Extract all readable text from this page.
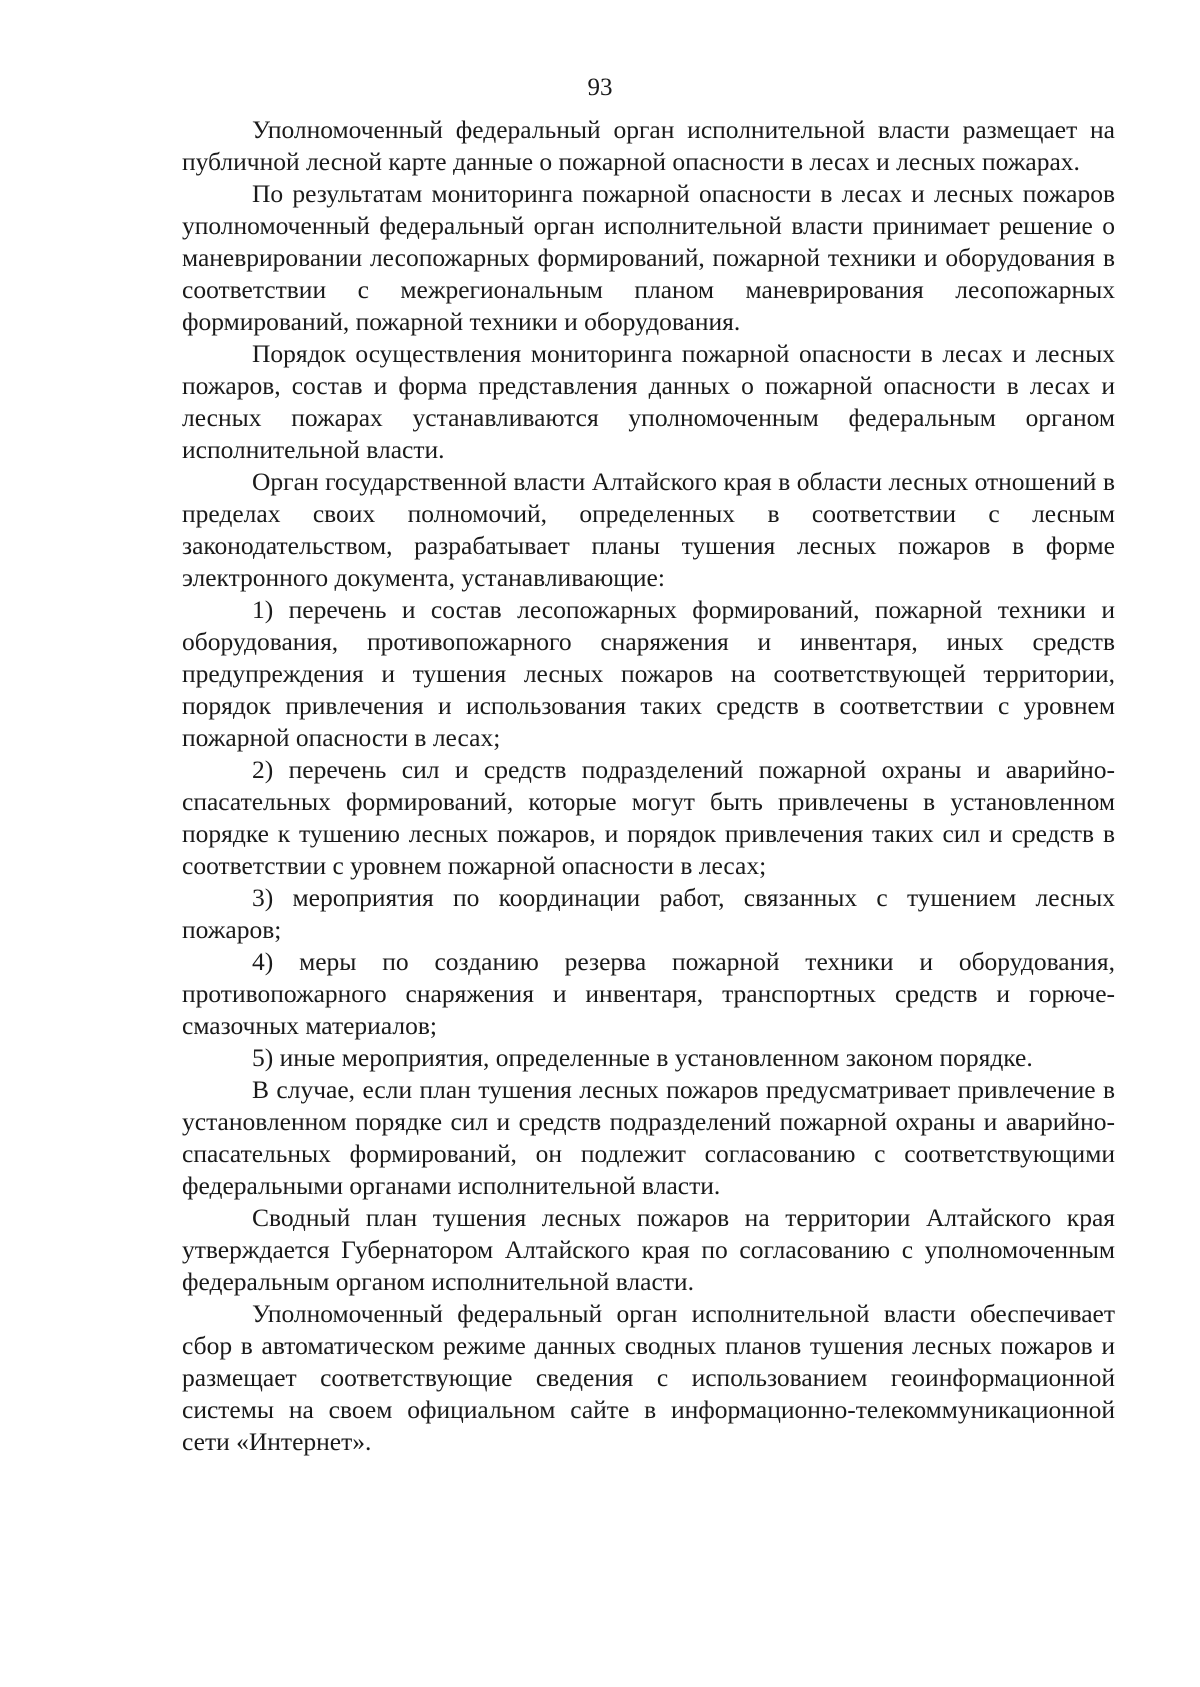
93

Уполномоченный федеральный орган исполнительной власти размещает на публичной лесной карте данные о пожарной опасности в лесах и лесных пожарах.

По результатам мониторинга пожарной опасности в лесах и лесных пожаров уполномоченный федеральный орган исполнительной власти принимает решение о маневрировании лесопожарных формирований, пожарной техники и оборудования в соответствии с межрегиональным планом маневрирования лесопожарных формирований, пожарной техники и оборудования.

Порядок осуществления мониторинга пожарной опасности в лесах и лесных пожаров, состав и форма представления данных о пожарной опасности в лесах и лесных пожарах устанавливаются уполномоченным федеральным органом исполнительной власти.

Орган государственной власти Алтайского края в области лесных отношений в пределах своих полномочий, определенных в соответствии с лесным законодательством, разрабатывает планы тушения лесных пожаров в форме электронного документа, устанавливающие:

1) перечень и состав лесопожарных формирований, пожарной техники и оборудования, противопожарного снаряжения и инвентаря, иных средств предупреждения и тушения лесных пожаров на соответствующей территории, порядок привлечения и использования таких средств в соответствии с уровнем пожарной опасности в лесах;

2) перечень сил и средств подразделений пожарной охраны и аварийно-спасательных формирований, которые могут быть привлечены в установленном порядке к тушению лесных пожаров, и порядок привлечения таких сил и средств в соответствии с уровнем пожарной опасности в лесах;

3) мероприятия по координации работ, связанных с тушением лесных пожаров;

4) меры по созданию резерва пожарной техники и оборудования, противопожарного снаряжения и инвентаря, транспортных средств и горюче-смазочных материалов;

5) иные мероприятия, определенные в установленном законом порядке.

В случае, если план тушения лесных пожаров предусматривает привлечение в установленном порядке сил и средств подразделений пожарной охраны и аварийно-спасательных формирований, он подлежит согласованию с соответствующими федеральными органами исполнительной власти.

Сводный план тушения лесных пожаров на территории Алтайского края утверждается Губернатором Алтайского края по согласованию с уполномоченным федеральным органом исполнительной власти.

Уполномоченный федеральный орган исполнительной власти обеспечивает сбор в автоматическом режиме данных сводных планов тушения лесных пожаров и размещает соответствующие сведения с использованием геоинформационной системы на своем официальном сайте в информационно-телекоммуникационной сети «Интернет».
